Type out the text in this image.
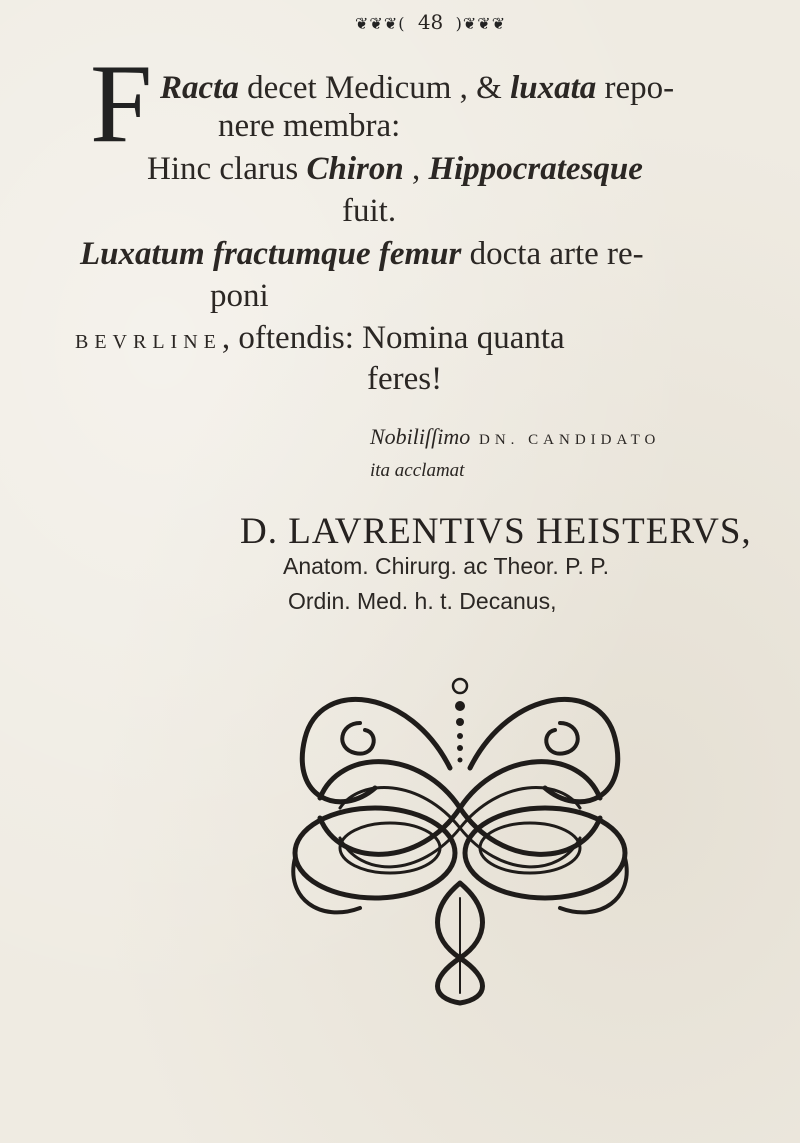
❦❦❦( 48 )❦❦❦
F Racta decet Medicum , & luxata repo-
nere membra:
Hinc clarus Chiron , Hippocratesque
fuit.
Luxatum fractumque femur docta arte re-
poni
BEVRLINE, oftendis: Nomina quanta
feres!
Nobiliſſimo DN. CANDIDATO
ita acclamat
D. LAVRENTIVS HEISTERVS,
Anatom. Chirurg. ac Theor. P. P.
Ordin. Med. h. t. Decanus,
